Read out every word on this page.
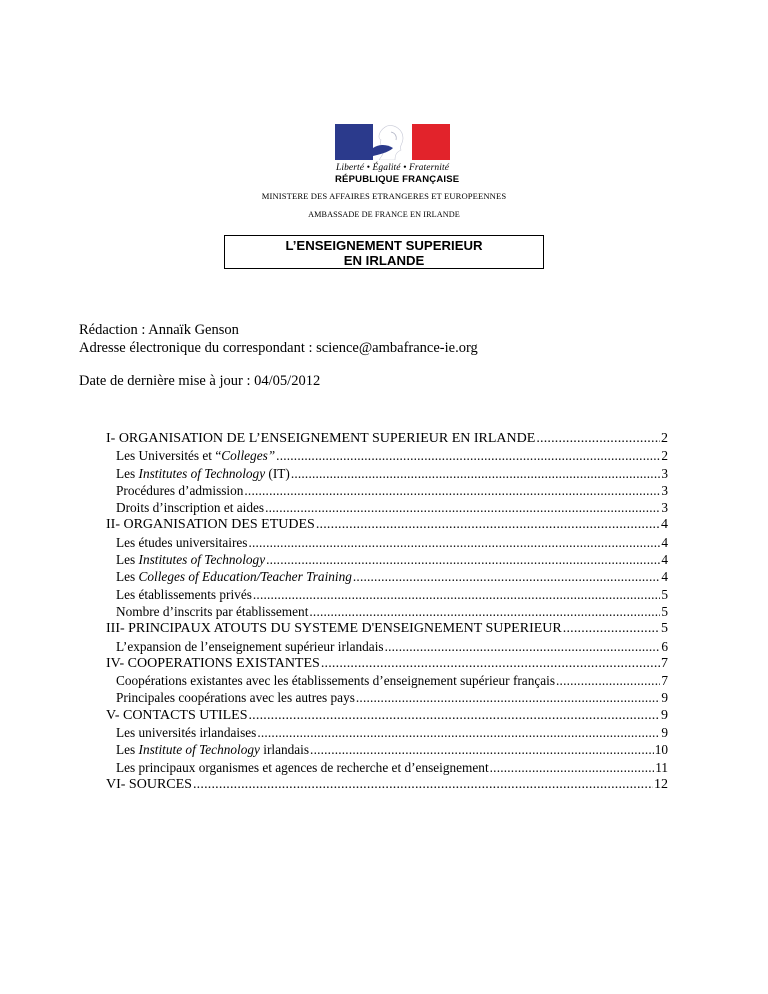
Liberté • Égalité • Fraternité
RÉPUBLIQUE FRANÇAISE
MINISTERE DES AFFAIRES ETRANGERES ET EUROPEENNES
AMBASSADE DE FRANCE EN IRLANDE
L’ENSEIGNEMENT SUPERIEUR
EN IRLANDE
Rédaction : Annaïk Genson
Adresse électronique du correspondant : science@ambafrance-ie.org
Date de dernière mise à jour : 04/05/2012
I- ORGANISATION DE L’ENSEIGNEMENT SUPERIEUR EN IRLANDE .....	2
Les Universités et “Colleges” .....	2
Les Institutes of Technology (IT) .....	3
Procédures d’admission .....	3
Droits d’inscription et aides .....	3
II- ORGANISATION DES ETUDES .....	4
Les études universitaires .....	4
Les Institutes of Technology .....	4
Les Colleges of Education/Teacher Training .....	4
Les établissements privés .....	5
Nombre d’inscrits par établissement .....	5
III- PRINCIPAUX ATOUTS DU SYSTEME D'ENSEIGNEMENT SUPERIEUR .....	5
L’expansion de l’enseignement supérieur irlandais .....	6
IV- COOPERATIONS EXISTANTES .....	7
Coopérations existantes avec les établissements d’enseignement supérieur français .....	7
Principales coopérations avec les autres pays .....	9
V- CONTACTS UTILES .....	9
Les universités irlandaises .....	9
Les Institute of Technology irlandais .....	10
Les principaux organismes et agences de recherche et d’enseignement .....	11
VI- SOURCES .....	12
